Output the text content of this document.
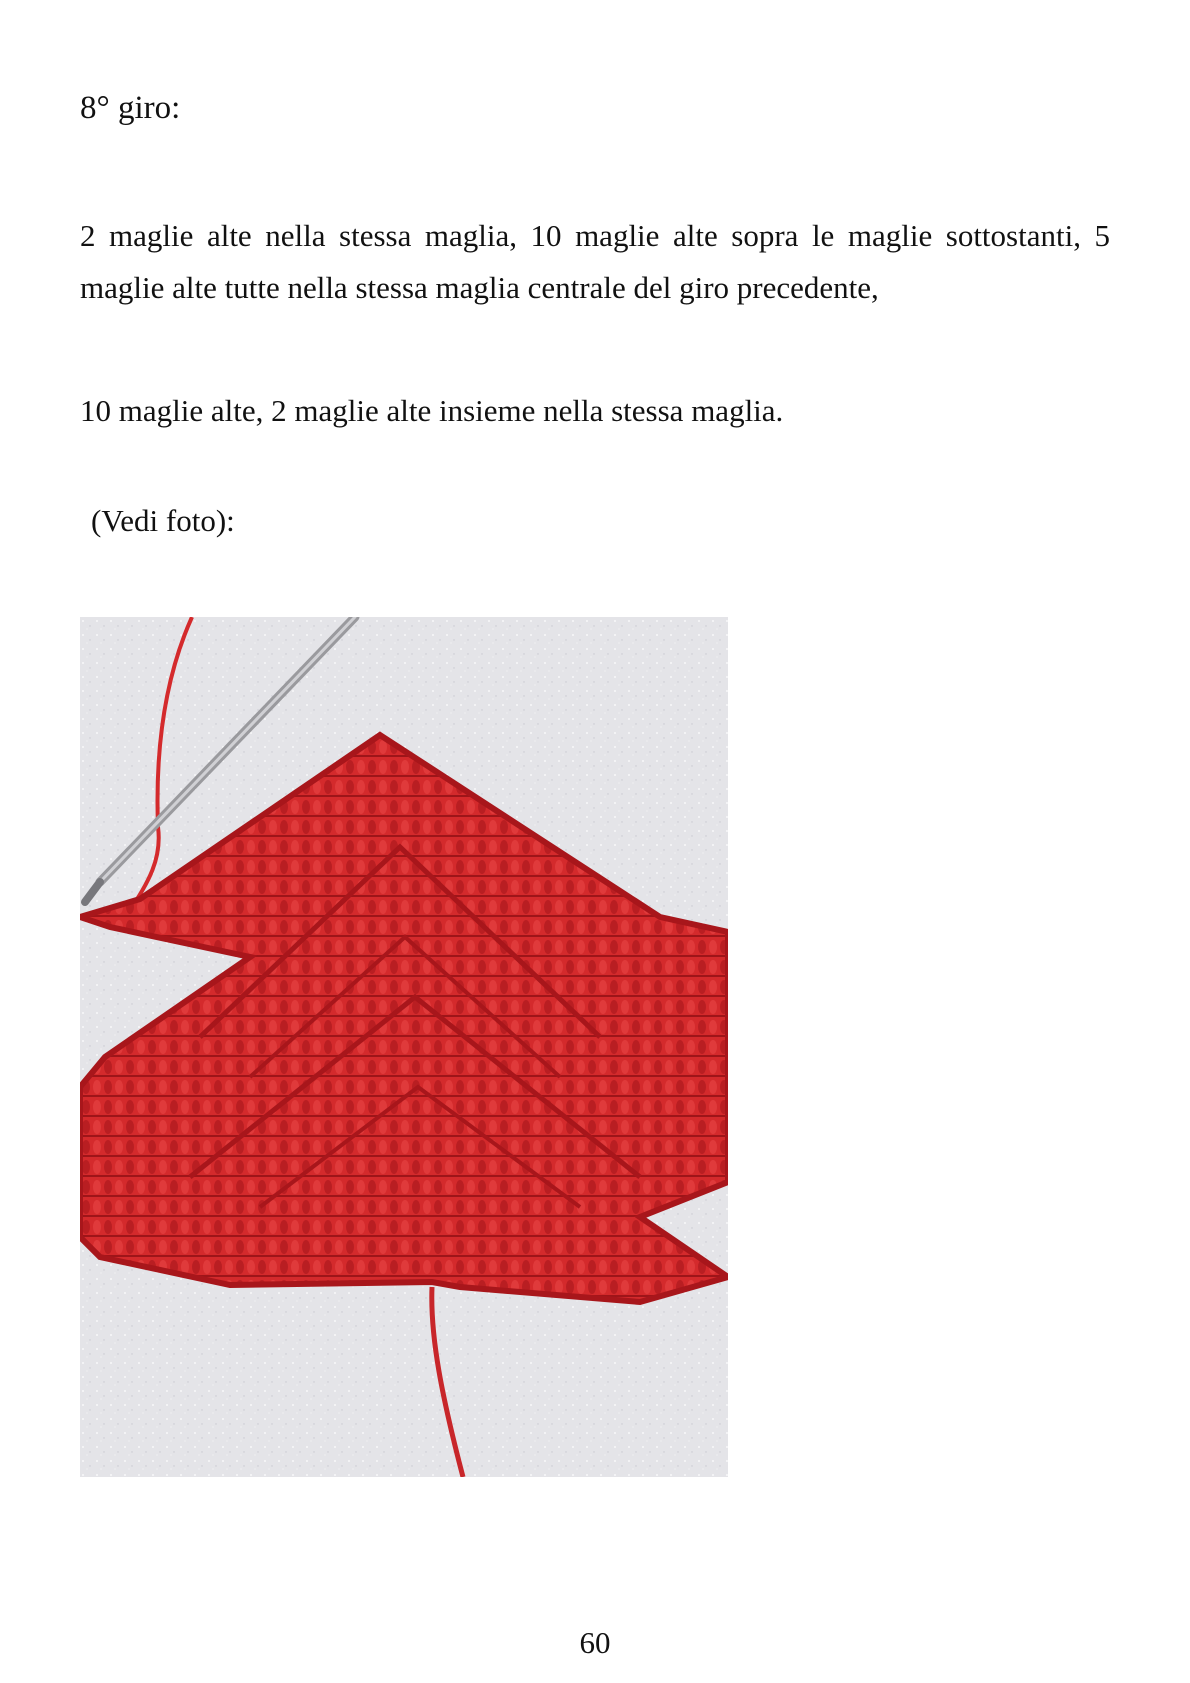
8° giro:

2 maglie alte nella stessa maglia, 10 maglie alte sopra le maglie sottostanti, 5 maglie alte tutte nella stessa maglia centrale del giro precedente,

10 maglie alte, 2 maglie alte insieme nella stessa maglia.

(Vedi foto):

60
